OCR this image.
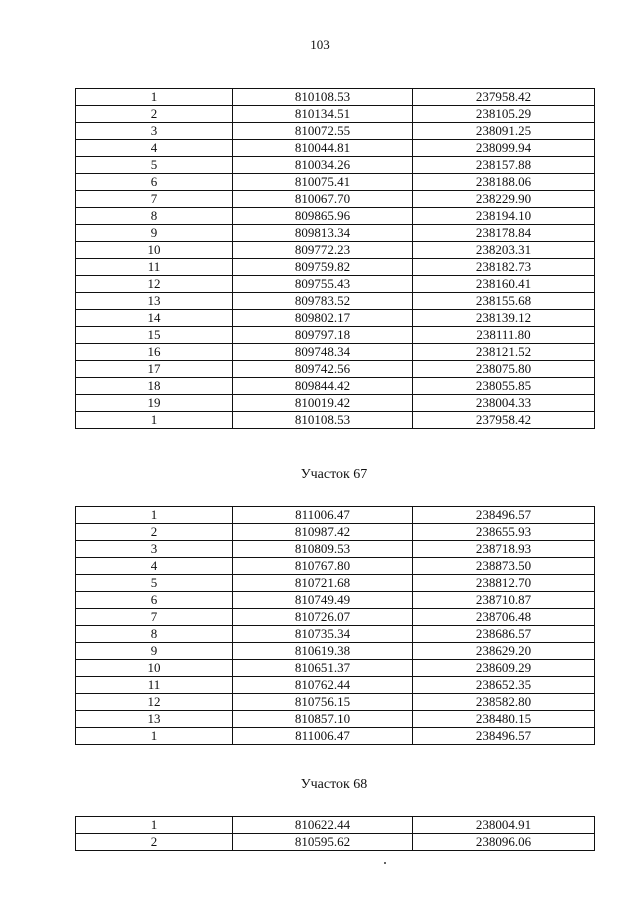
103
1	810108.53	237958.42
2	810134.51	238105.29
3	810072.55	238091.25
4	810044.81	238099.94
5	810034.26	238157.88
6	810075.41	238188.06
7	810067.70	238229.90
8	809865.96	238194.10
9	809813.34	238178.84
10	809772.23	238203.31
11	809759.82	238182.73
12	809755.43	238160.41
13	809783.52	238155.68
14	809802.17	238139.12
15	809797.18	238111.80
16	809748.34	238121.52
17	809742.56	238075.80
18	809844.42	238055.85
19	810019.42	238004.33
1	810108.53	237958.42
Участок 67
1	811006.47	238496.57
2	810987.42	238655.93
3	810809.53	238718.93
4	810767.80	238873.50
5	810721.68	238812.70
6	810749.49	238710.87
7	810726.07	238706.48
8	810735.34	238686.57
9	810619.38	238629.20
10	810651.37	238609.29
11	810762.44	238652.35
12	810756.15	238582.80
13	810857.10	238480.15
1	811006.47	238496.57
Участок 68
1	810622.44	238004.91
2	810595.62	238096.06
